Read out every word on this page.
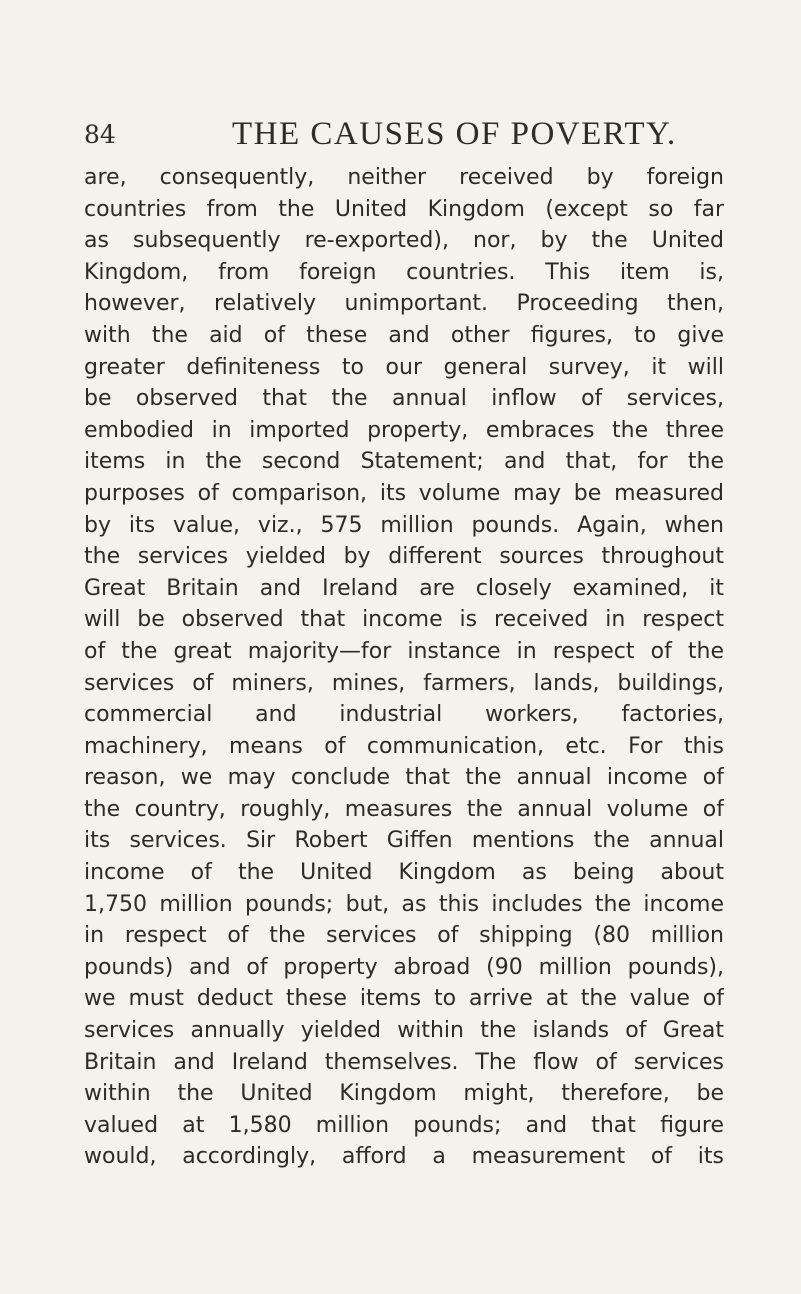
84	THE CAUSES OF POVERTY.
are, consequently, neither received by foreign
countries from the United Kingdom (except so far
as subsequently re-exported), nor, by the United
Kingdom, from foreign countries. This item is,
however, relatively unimportant. Proceeding then,
with the aid of these and other figures, to give
greater definiteness to our general survey, it will
be observed that the annual inflow of services,
embodied in imported property, embraces the three
items in the second Statement; and that, for the
purposes of comparison, its volume may be measured
by its value, viz., 575 million pounds. Again, when
the services yielded by different sources throughout
Great Britain and Ireland are closely examined, it
will be observed that income is received in respect
of the great majority—for instance in respect of the
services of miners, mines, farmers, lands, buildings,
commercial and industrial workers, factories,
machinery, means of communication, etc. For this
reason, we may conclude that the annual income of
the country, roughly, measures the annual volume of
its services. Sir Robert Giffen mentions the annual
income of the United Kingdom as being about
1,750 million pounds; but, as this includes the income
in respect of the services of shipping (80 million
pounds) and of property abroad (90 million pounds),
we must deduct these items to arrive at the value of
services annually yielded within the islands of Great
Britain and Ireland themselves. The flow of services
within the United Kingdom might, therefore, be
valued at 1,580 million pounds; and that figure
would, accordingly, afford a measurement of its
